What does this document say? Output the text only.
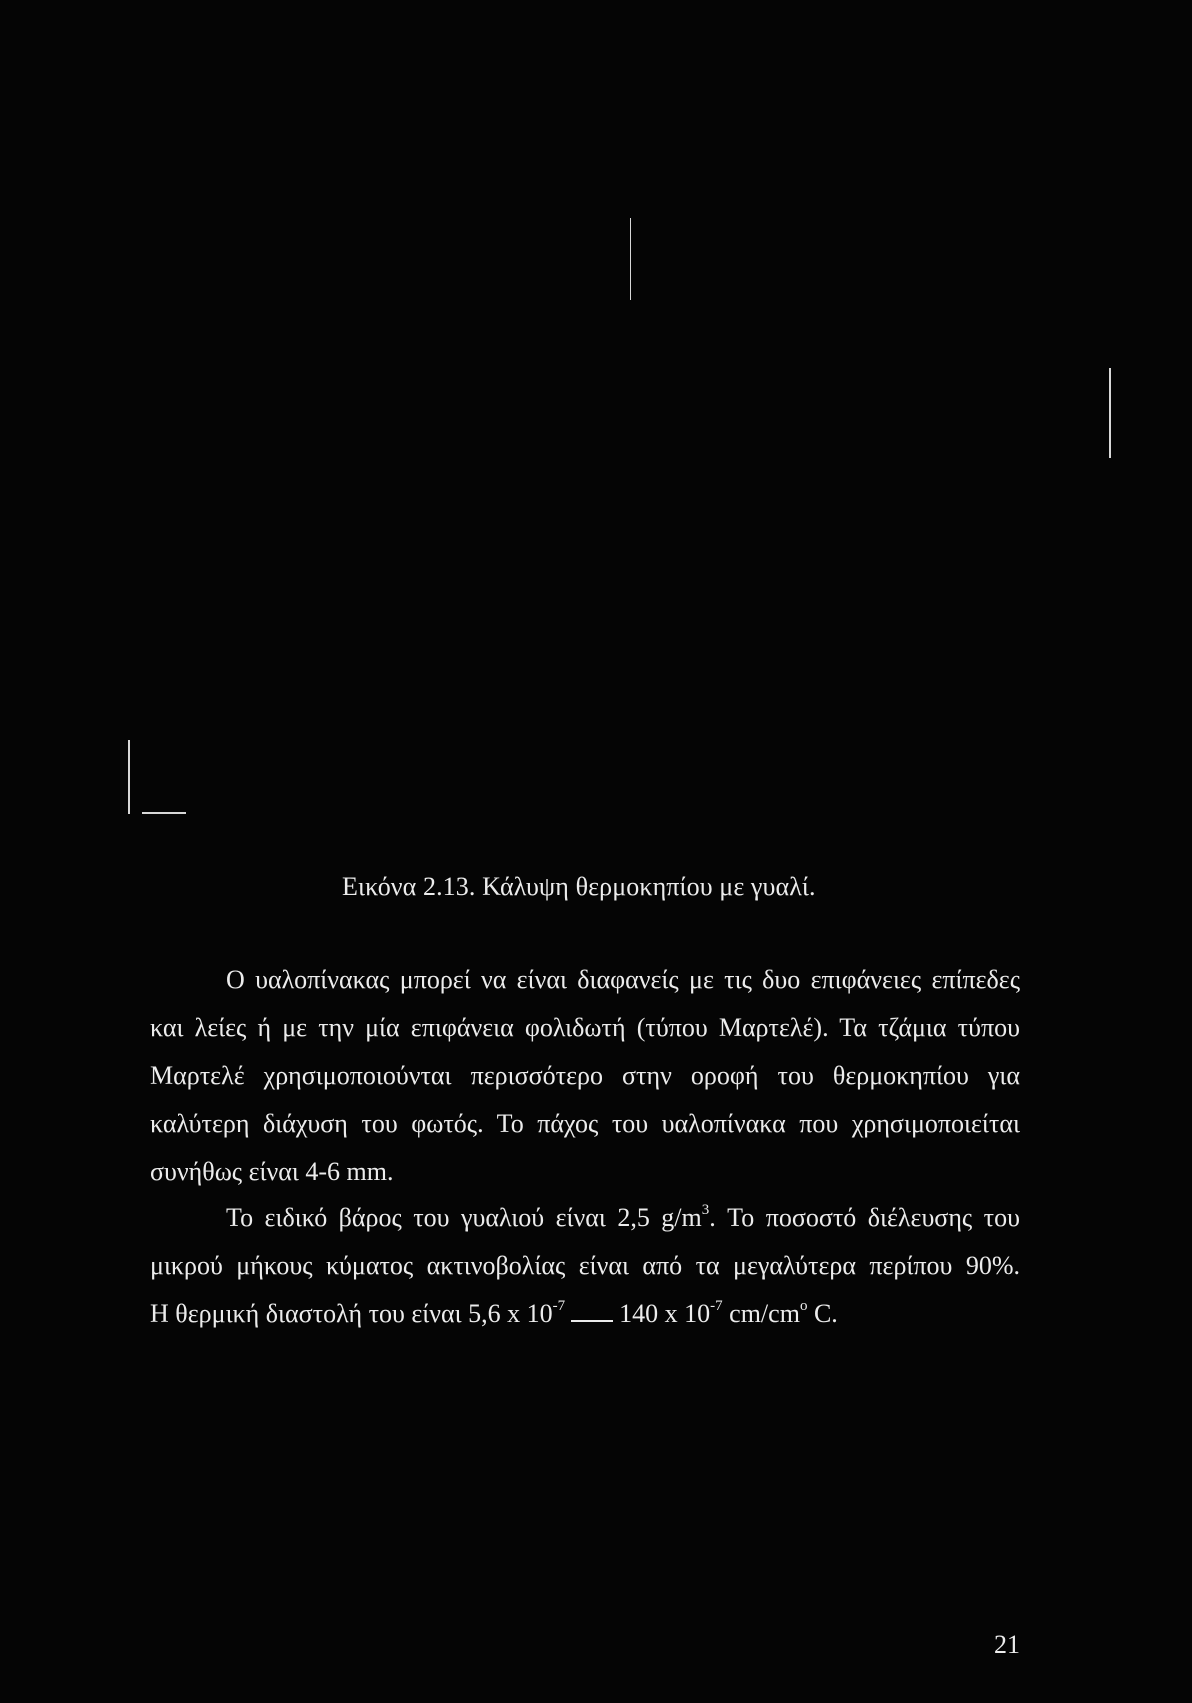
Εικόνα 2.13. Κάλυψη θερμοκηπίου με γυαλί.
Ο υαλοπίνακας μπορεί να είναι διαφανείς με τις δυο επιφάνειες επίπεδες
και λείες ή με την μία επιφάνεια φολιδωτή (τύπου Μαρτελέ). Τα τζάμια τύπου
Μαρτελέ χρησιμοποιούνται περισσότερο στην οροφή του θερμοκηπίου για
καλύτερη διάχυση του φωτός. Το πάχος του υαλοπίνακα που χρησιμοποιείται
συνήθως είναι 4-6 mm.
Το ειδικό βάρος του γυαλιού είναι 2,5 $g/m^3$. Το ποσοστό διέλευσης του
μικρού μήκους κύματος ακτινοβολίας είναι από τα μεγαλύτερα περίπου 90%.
Η θερμική διαστολή του είναι 5,6 x $10^{-7}$ 140 x $10^{-7}$ $cm/cm^o$ C.
21
